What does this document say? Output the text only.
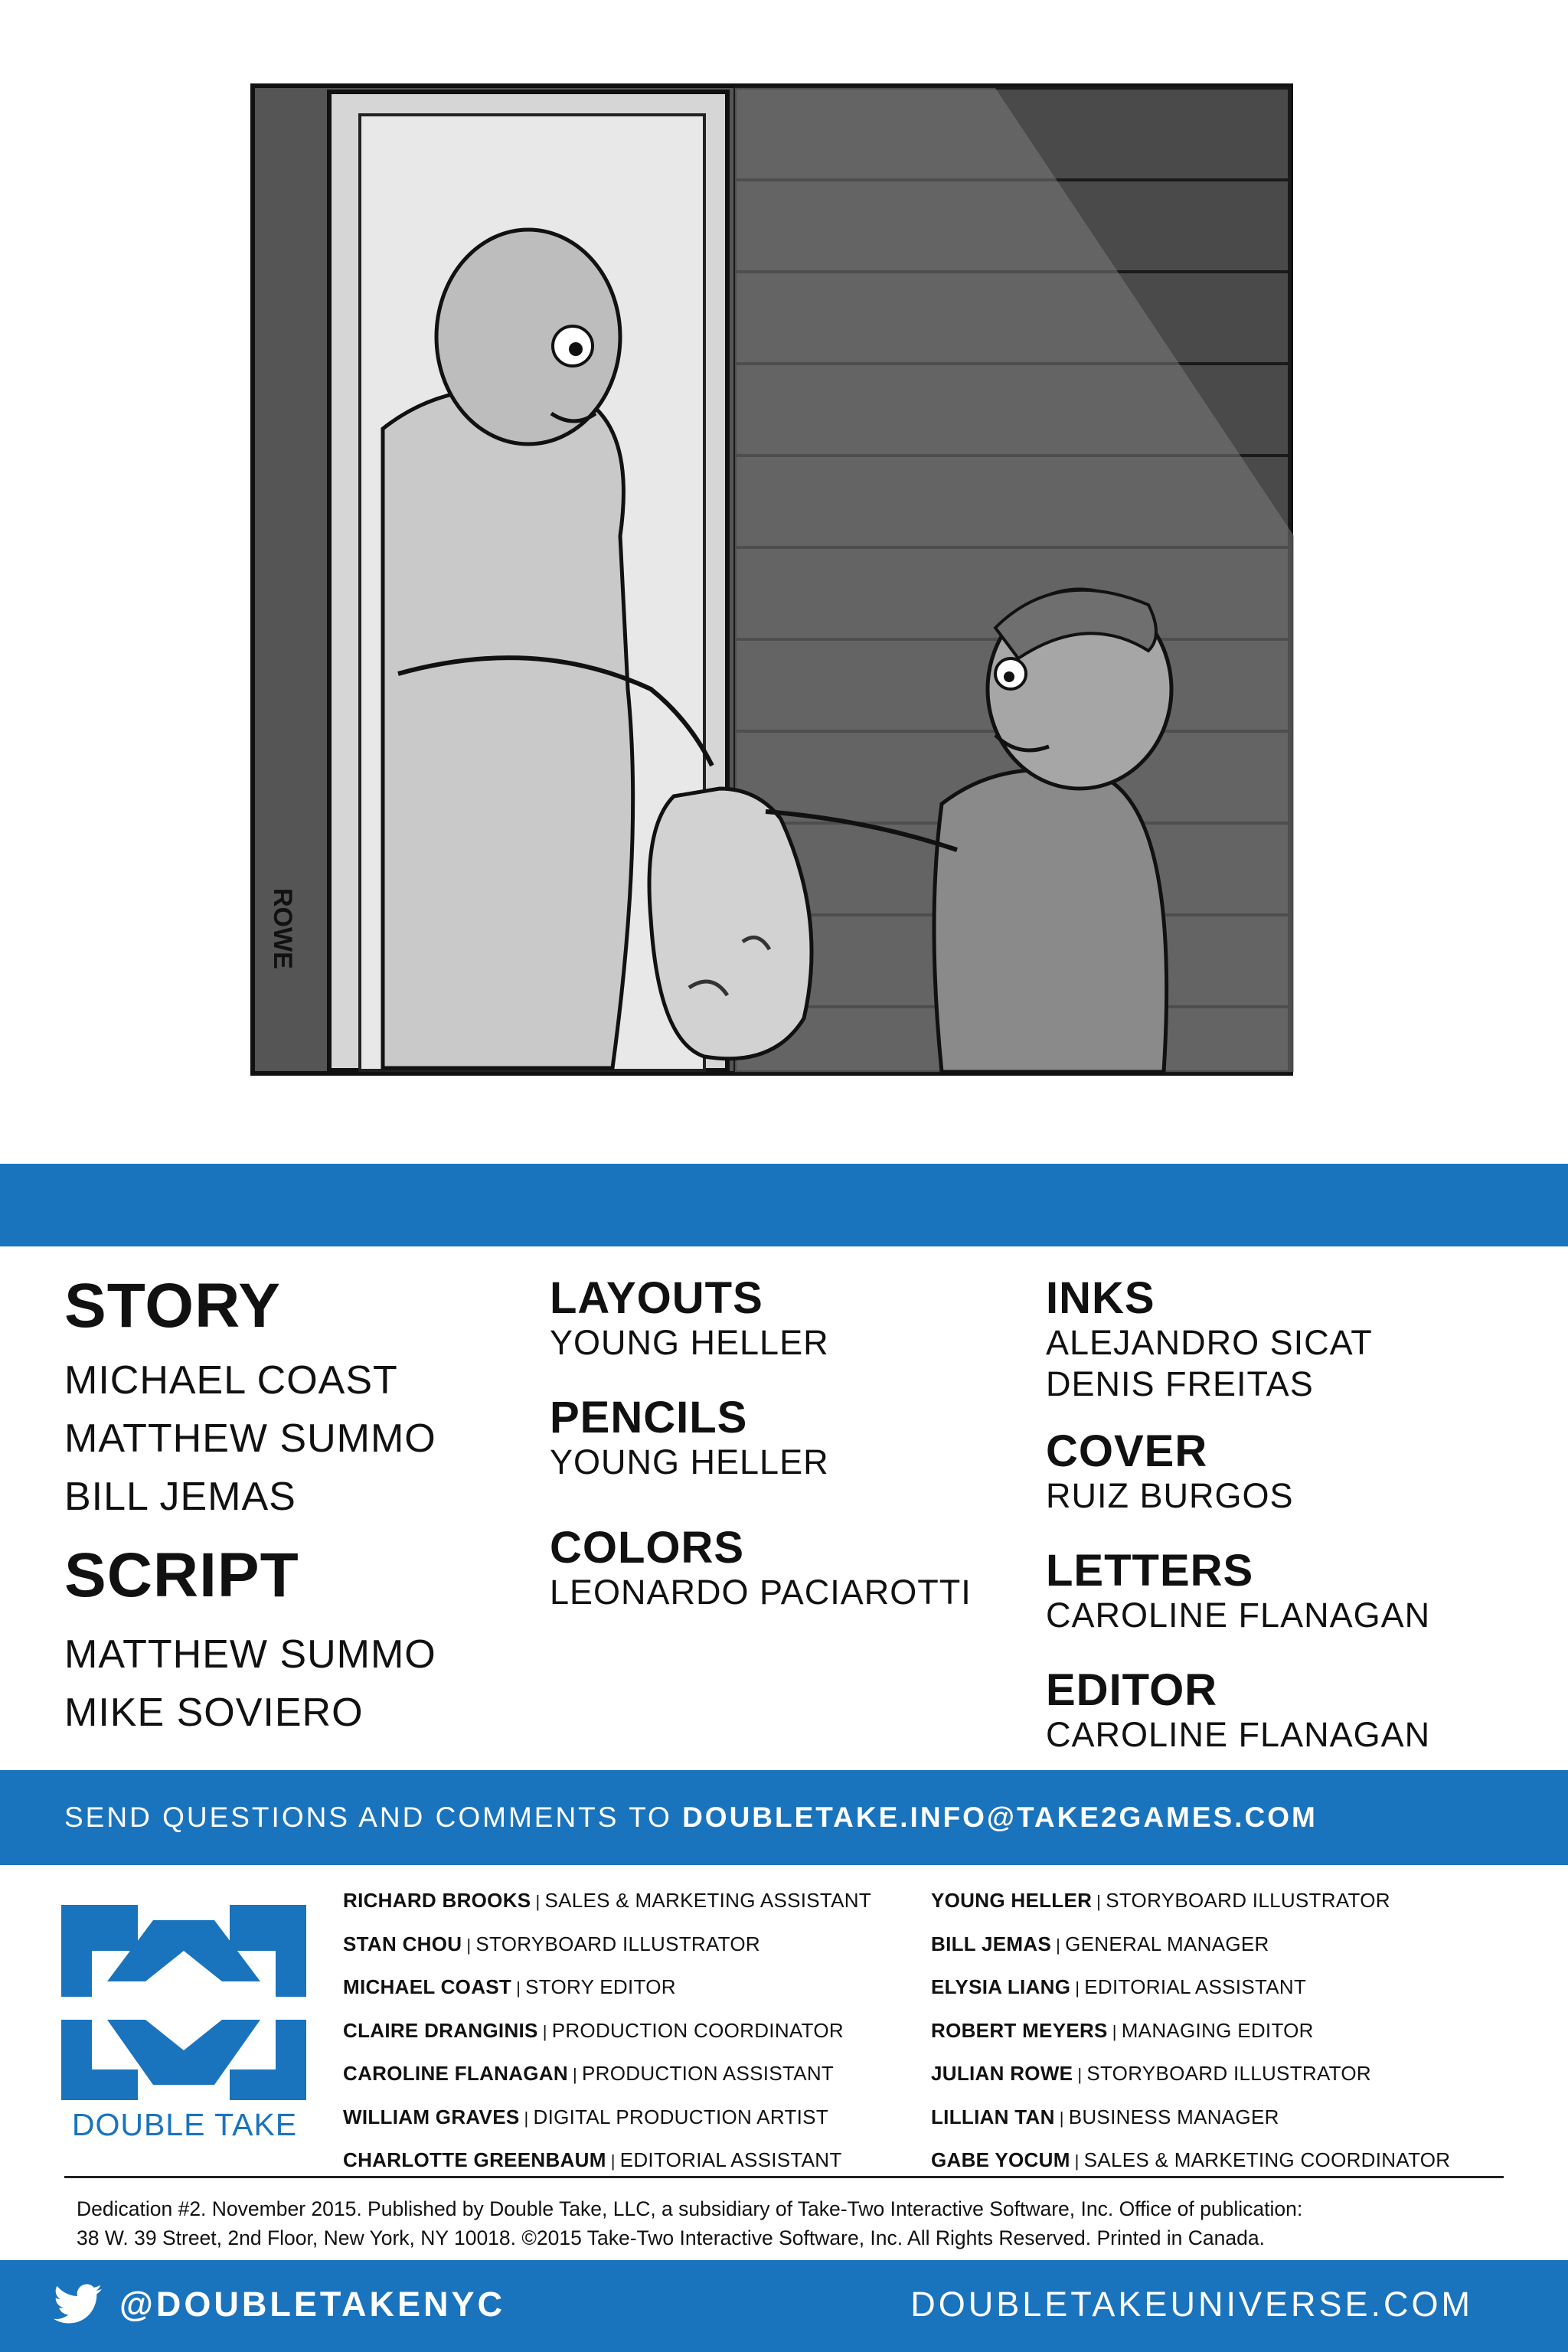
ROWE

STORY

MICHAEL COAST

MATTHEW SUMMO

BILL JEMAS

SCRIPT

MATTHEW SUMMO

MIKE SOVIERO

LAYOUTS

YOUNG HELLER

PENCILS

YOUNG HELLER

COLORS

LEONARDO PACIAROTTI

INKS

ALEJANDRO SICAT

DENIS FREITAS

COVER

RUIZ BURGOS

LETTERS

CAROLINE FLANAGAN

EDITOR

CAROLINE FLANAGAN

SEND QUESTIONS AND COMMENTS TO DOUBLETAKE.INFO@TAKE2GAMES.COM
DOUBLE TAKE
RICHARD BROOKS | SALES & MARKETING ASSISTANT
STAN CHOU | STORYBOARD ILLUSTRATOR
MICHAEL COAST | STORY EDITOR
CLAIRE DRANGINIS | PRODUCTION COORDINATOR
CAROLINE FLANAGAN | PRODUCTION ASSISTANT
WILLIAM GRAVES | DIGITAL PRODUCTION ARTIST
CHARLOTTE GREENBAUM | EDITORIAL ASSISTANT
YOUNG HELLER | STORYBOARD ILLUSTRATOR
BILL JEMAS | GENERAL MANAGER
ELYSIA LIANG | EDITORIAL ASSISTANT
ROBERT MEYERS | MANAGING EDITOR
JULIAN ROWE | STORYBOARD ILLUSTRATOR
LILLIAN TAN | BUSINESS MANAGER
GABE YOCUM | SALES & MARKETING COORDINATOR
Dedication #2. November 2015. Published by Double Take, LLC, a subsidiary of Take-Two Interactive Software, Inc. Office of publication:
38 W. 39 Street, 2nd Floor, New York, NY 10018. ©2015 Take-Two Interactive Software, Inc. All Rights Reserved. Printed in Canada.
@DOUBLETAKENYC	DOUBLETAKEUNIVERSE.COM
